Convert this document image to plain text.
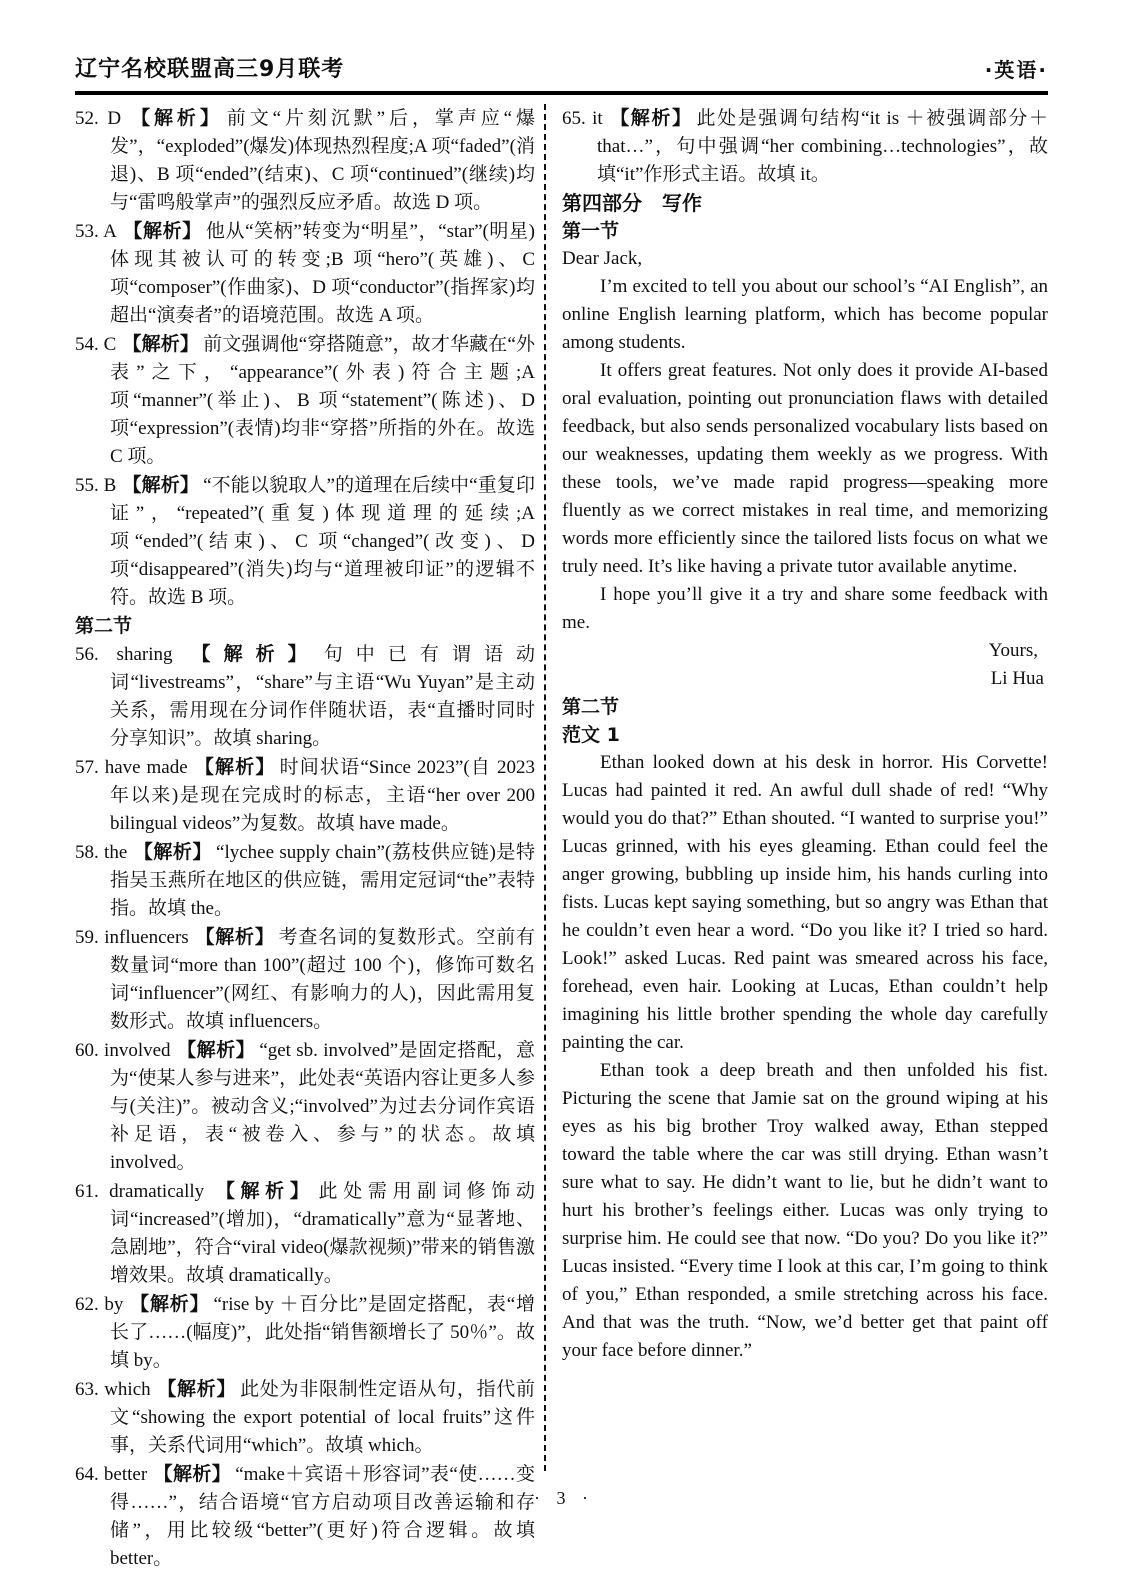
辽宁名校联盟高三9月联考	·英语·

52. D 【解析】 前文“片刻沉默”后，掌声应“爆发”，“exploded”(爆发)体现热烈程度;A 项“faded”(消退)、B 项“ended”(结束)、C 项“continued”(继续)均与“雷鸣般掌声”的强烈反应矛盾。故选 D 项。

53. A 【解析】 他从“笑柄”转变为“明星”，“star”(明星)体现其被认可的转变;B 项“hero”(英雄)、C 项“composer”(作曲家)、D 项“conductor”(指挥家)均超出“演奏者”的语境范围。故选 A 项。

54. C 【解析】 前文强调他“穿搭随意”，故才华藏在“外表”之下，“appearance”(外表)符合主题;A 项“manner”(举止)、B 项“statement”(陈述)、D 项“expression”(表情)均非“穿搭”所指的外在。故选 C 项。

55. B 【解析】 “不能以貌取人”的道理在后续中“重复印证”，“repeated”(重复)体现道理的延续;A 项“ended”(结束)、C 项“changed”(改变)、D 项“disappeared”(消失)均与“道理被印证”的逻辑不符。故选 B 项。

第二节

56. sharing 【解析】 句中已有谓语动词“livestreams”，“share”与主语“Wu Yuyan”是主动关系，需用现在分词作伴随状语，表“直播时同时分享知识”。故填 sharing。

57. have made 【解析】 时间状语“Since 2023”(自 2023 年以来)是现在完成时的标志，主语“her over 200 bilingual videos”为复数。故填 have made。

58. the 【解析】 “lychee supply chain”(荔枝供应链)是特指吴玉燕所在地区的供应链，需用定冠词“the”表特指。故填 the。

59. influencers 【解析】 考查名词的复数形式。空前有数量词“more than 100”(超过 100 个)，修饰可数名词“influencer”(网红、有影响力的人)，因此需用复数形式。故填 influencers。

60. involved 【解析】 “get sb. involved”是固定搭配，意为“使某人参与进来”，此处表“英语内容让更多人参与(关注)”。被动含义;“involved”为过去分词作宾语补足语，表“被卷入、参与”的状态。故填 involved。

61. dramatically 【解析】 此处需用副词修饰动词“increased”(增加)，“dramatically”意为“显著地、急剧地”，符合“viral video(爆款视频)”带来的销售激增效果。故填 dramatically。

62. by 【解析】 “rise by ＋百分比”是固定搭配，表“增长了……(幅度)”，此处指“销售额增长了 50％”。故填 by。

63. which 【解析】 此处为非限制性定语从句，指代前文“showing the export potential of local fruits”这件事，关系代词用“which”。故填 which。

64. better 【解析】 “make＋宾语＋形容词”表“使……变得……”，结合语境“官方启动项目改善运输和存储”，用比较级“better”(更好)符合逻辑。故填 better。

65. it 【解析】 此处是强调句结构“it is ＋被强调部分＋ that…”，句中强调“her combining…technologies”，故填“it”作形式主语。故填 it。

第四部分　写作

第一节

Dear Jack,

I’m excited to tell you about our school’s “AI English”, an online English learning platform, which has become popular among students.

It offers great features. Not only does it provide AI-based oral evaluation, pointing out pronunciation flaws with detailed feedback, but also sends personalized vocabulary lists based on our weaknesses, updating them weekly as we progress. With these tools, we’ve made rapid progress—speaking more fluently as we correct mistakes in real time, and memorizing words more efficiently since the tailored lists focus on what we truly need. It’s like having a private tutor available anytime.

I hope you’ll give it a try and share some feedback with me.

Yours,

Li Hua

第二节

范文 1

Ethan looked down at his desk in horror. His Corvette! Lucas had painted it red. An awful dull shade of red! “Why would you do that?” Ethan shouted. “I wanted to surprise you!” Lucas grinned, with his eyes gleaming. Ethan could feel the anger growing, bubbling up inside him, his hands curling into fists. Lucas kept saying something, but so angry was Ethan that he couldn’t even hear a word. “Do you like it? I tried so hard. Look!” asked Lucas. Red paint was smeared across his face, forehead, even hair. Looking at Lucas, Ethan couldn’t help imagining his little brother spending the whole day carefully painting the car.

Ethan took a deep breath and then unfolded his fist. Picturing the scene that Jamie sat on the ground wiping at his eyes as his big brother Troy walked away, Ethan stepped toward the table where the car was still drying. Ethan wasn’t sure what to say. He didn’t want to lie, but he didn’t want to hurt his brother’s feelings either. Lucas was only trying to surprise him. He could see that now. “Do you? Do you like it?” Lucas insisted. “Every time I look at this car, I’m going to think of you,” Ethan responded, a smile stretching across his face. And that was the truth. “Now, we’d better get that paint off your face before dinner.”

· 3 ·
